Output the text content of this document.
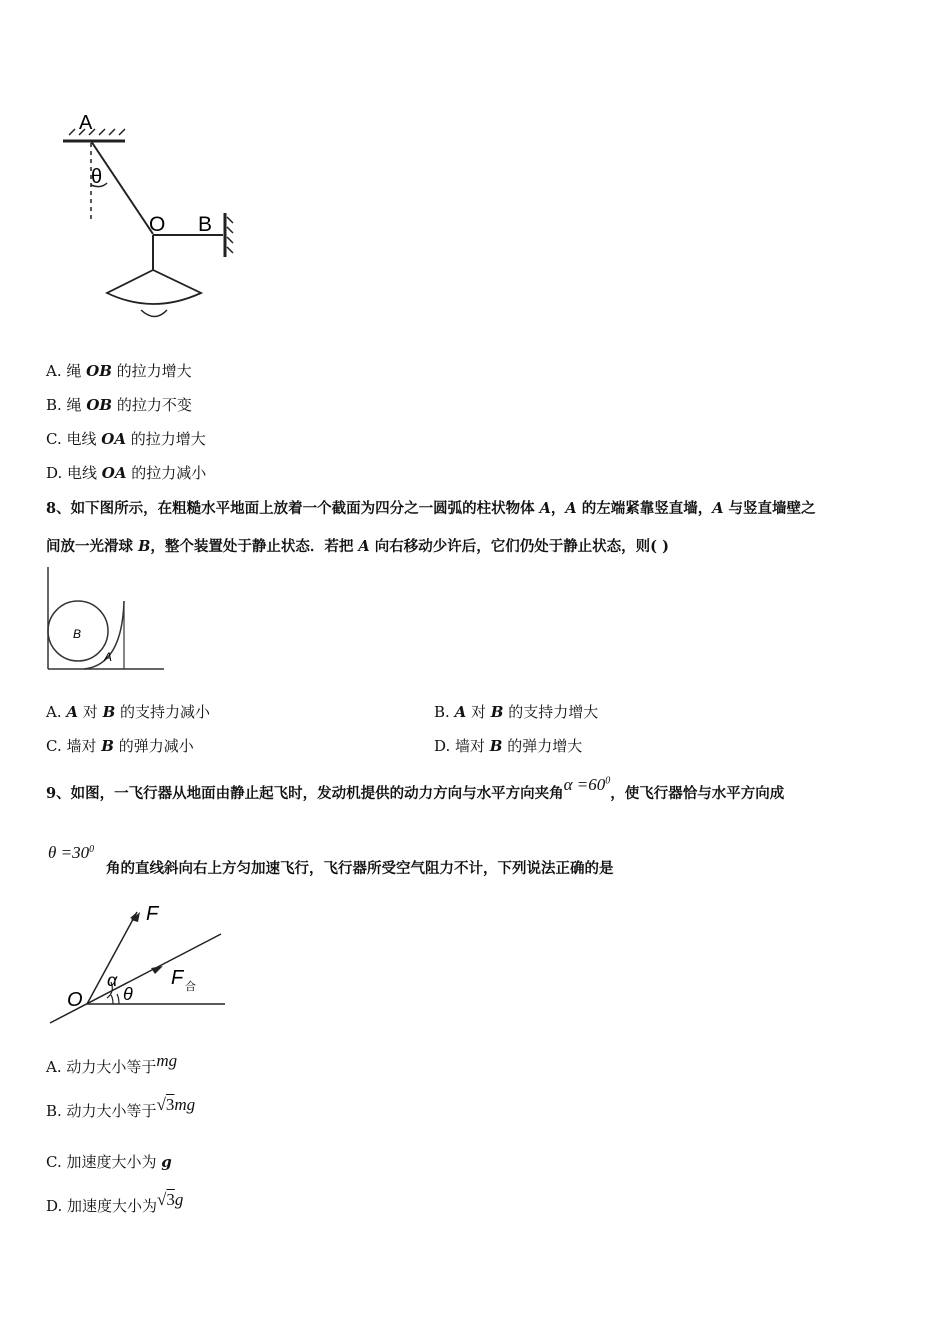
A
θ
O B
A. 绳 OB 的拉力增大
B. 绳 OB 的拉力不变
C. 电线 OA 的拉力增大
D. 电线 OA 的拉力减小
8、如下图所示，在粗糙水平地面上放着一个截面为四分之一圆弧的柱状物体 A，A 的左端紧靠竖直墙，A 与竖直墙壁之
间放一光滑球 B，整个装置处于静止状态．若把 A 向右移动少许后，它们仍处于静止状态，则( )
B
A
A. A 对 B 的支持力减小	B. A 对 B 的支持力增大
C. 墙对 B 的弹力减小	D. 墙对 B 的弹力增大
9、如图，一飞行器从地面由静止起飞时，发动机提供的动力方向与水平方向夹角$\alpha =60^0$，使飞行器恰与水平方向成
$\theta =30^0$
角的直线斜向右上方匀加速飞行，飞行器所受空气阻力不计，下列说法正确的是
F
α	F 合
O θ
A. 动力大小等于mg
B. 动力大小等于√3mg
C. 加速度大小为 g
D. 加速度大小为√3g
